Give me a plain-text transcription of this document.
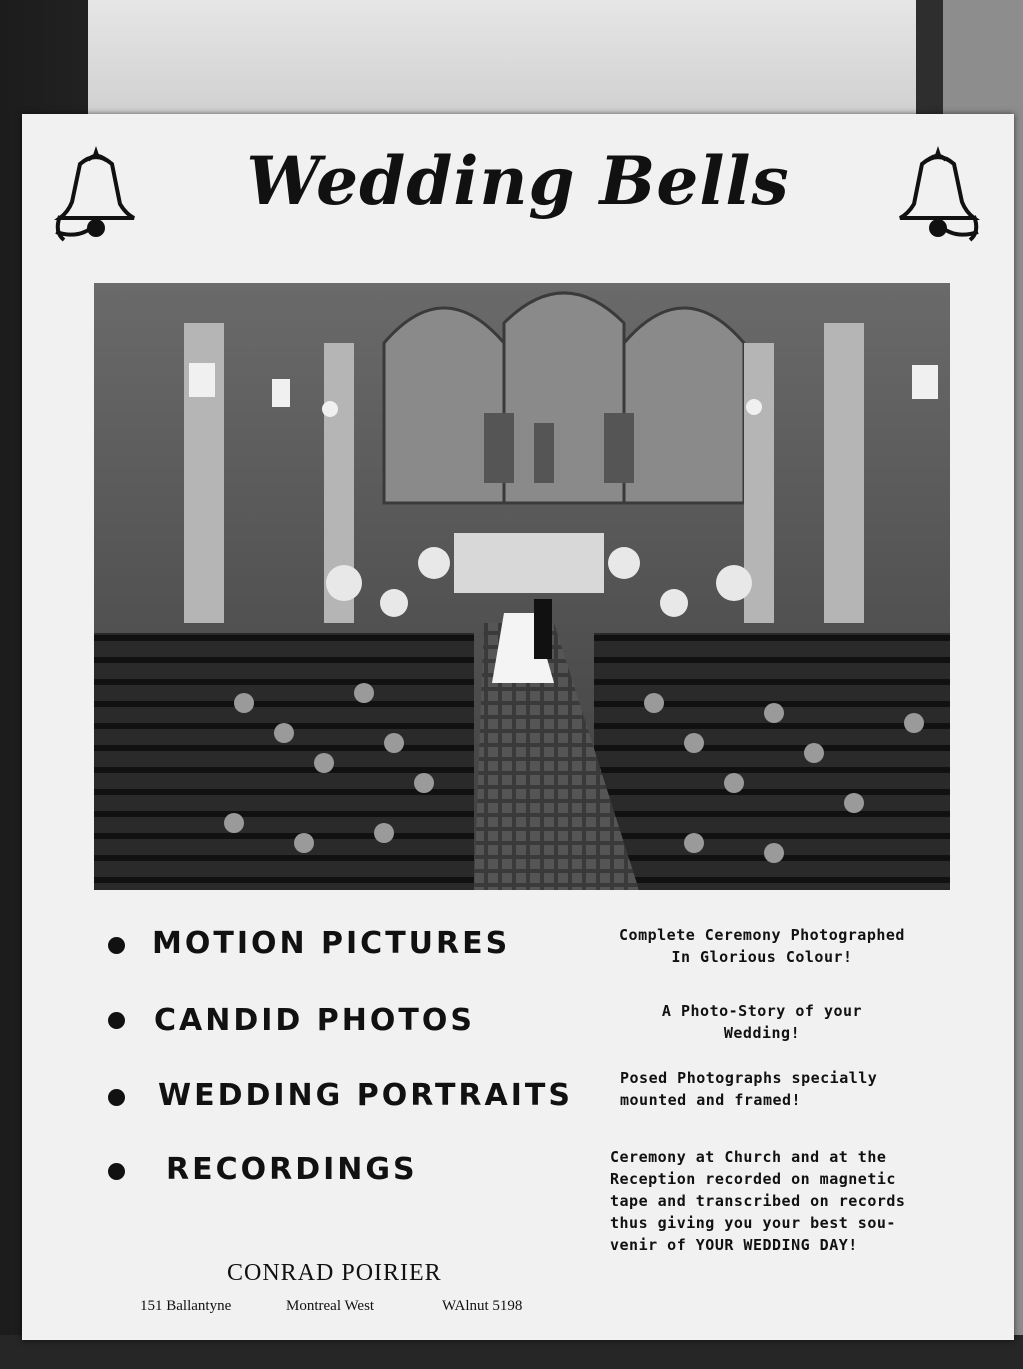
Wedding Bells
MOTION PICTURES
CANDID PHOTOS
WEDDING PORTRAITS
RECORDINGS
Complete Ceremony Photographed
In Glorious Colour!
A Photo-Story of your
Wedding!
Posed Photographs specially
mounted and framed!
Ceremony at Church and at the
Reception recorded on magnetic
tape and transcribed on records
thus giving you your best sou-
venir of YOUR WEDDING DAY!
CONRAD POIRIER
151 Ballantyne	Montreal West	WAlnut 5198
